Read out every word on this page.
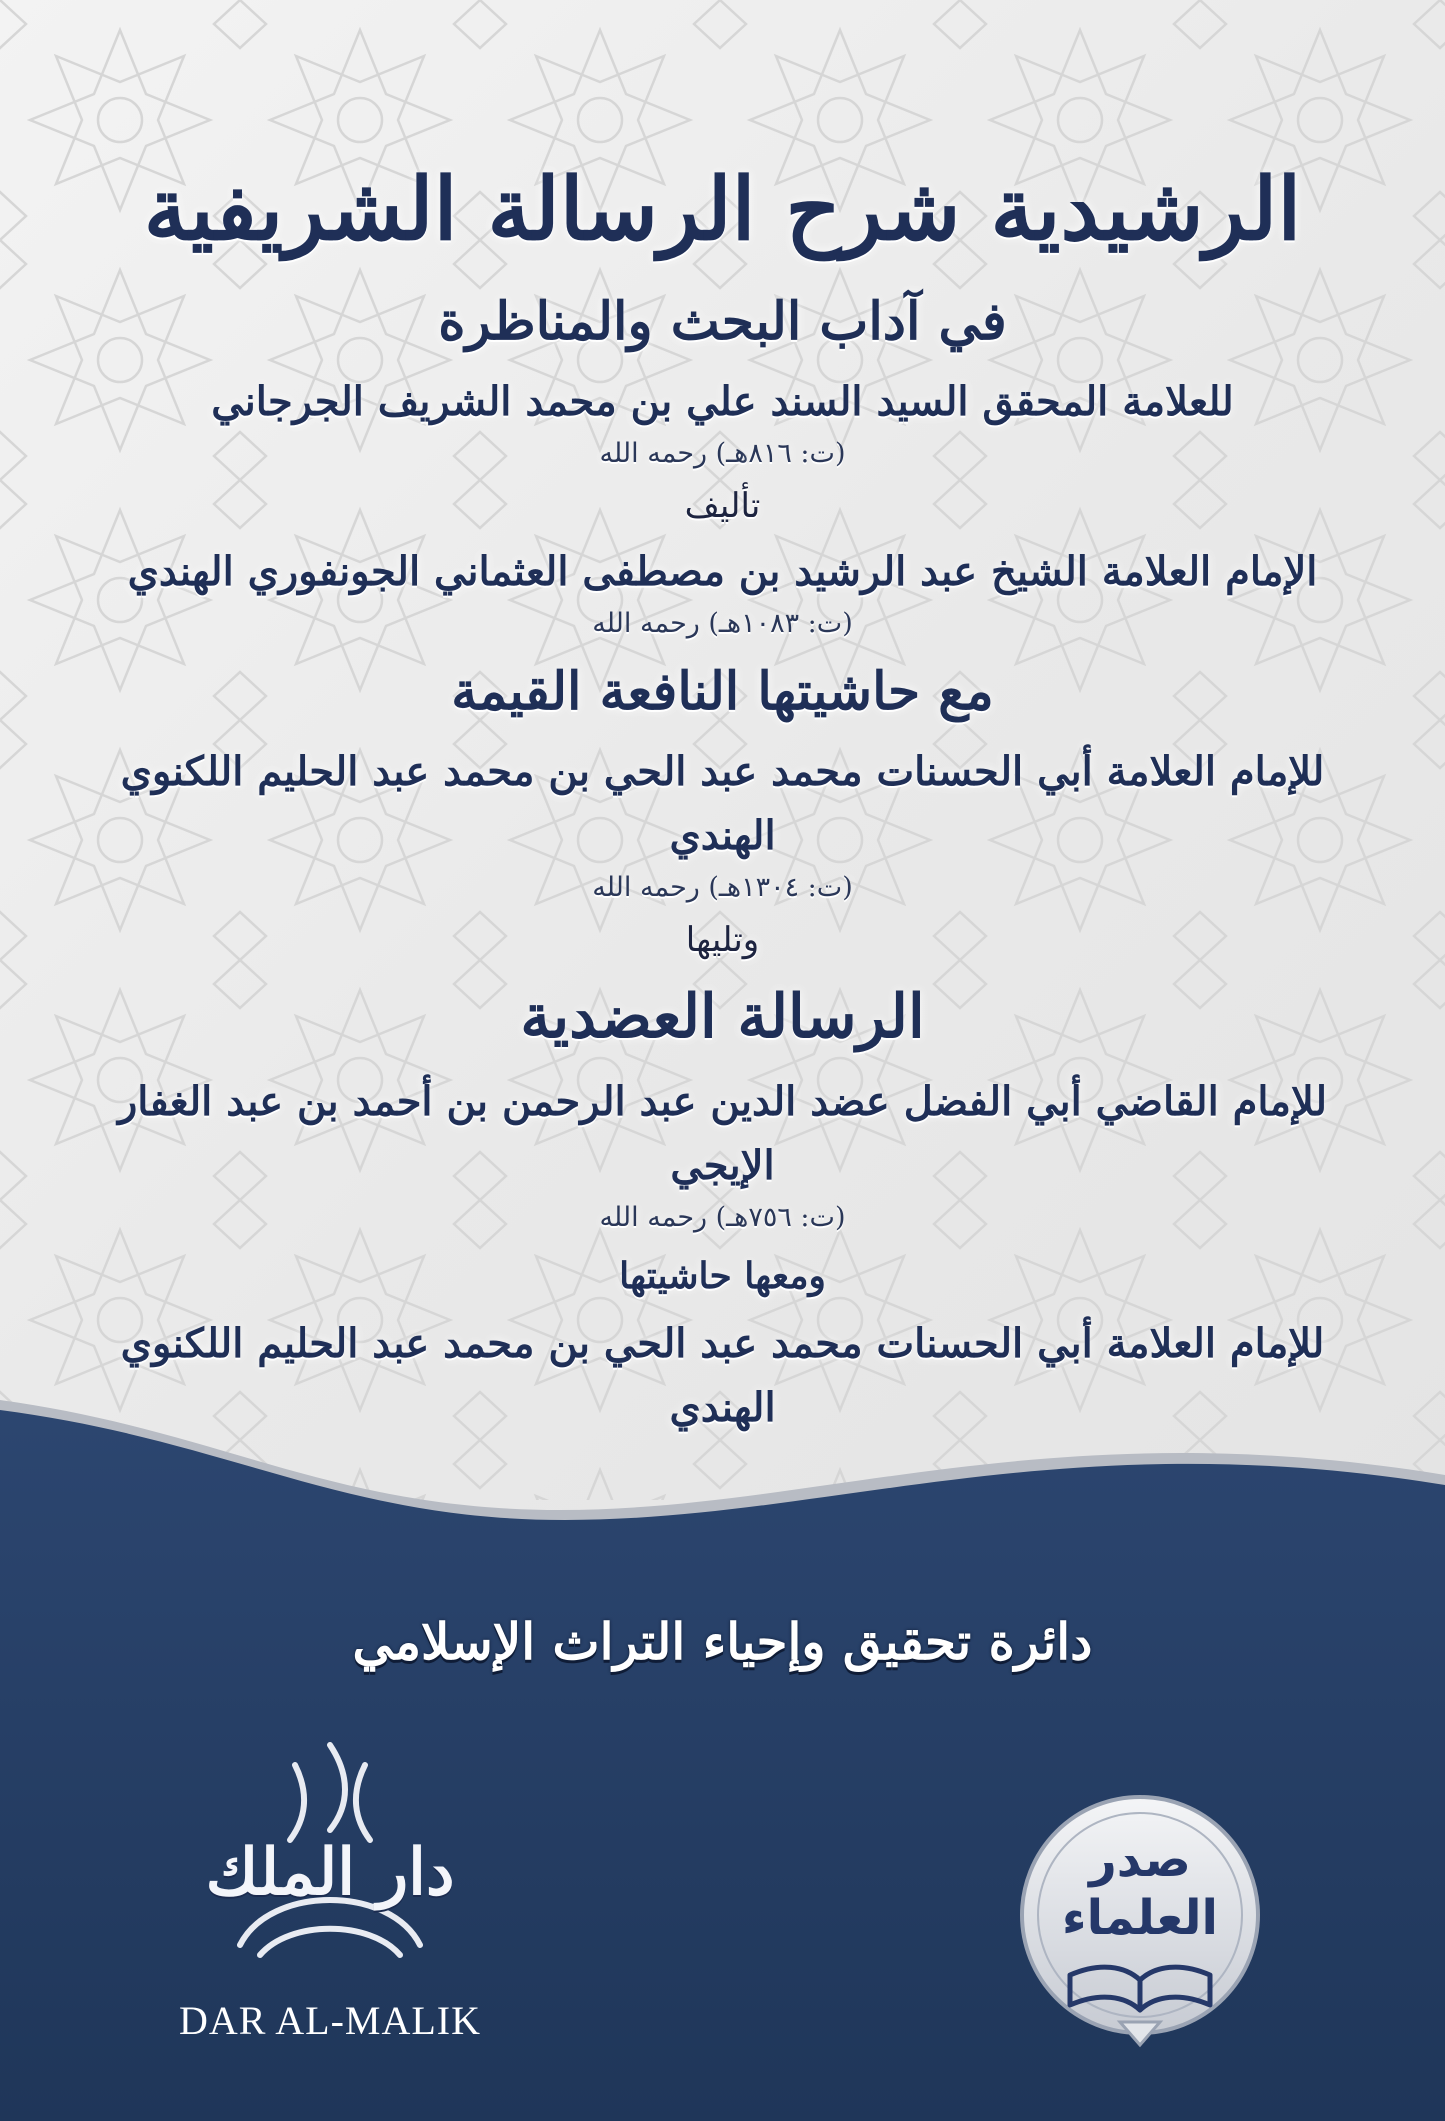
الرشيدية شرح الرسالة الشريفية
في آداب البحث والمناظرة
للعلامة المحقق السيد السند علي بن محمد الشريف الجرجاني
(ت: ٨١٦هـ) رحمه الله
تأليف
الإمام العلامة الشيخ عبد الرشيد بن مصطفى العثماني الجونفوري الهندي
(ت: ١٠٨٣هـ) رحمه الله
مع حاشيتها النافعة القيمة
للإمام العلامة أبي الحسنات محمد عبد الحي بن محمد عبد الحليم اللكنوي الهندي
(ت: ١٣٠٤هـ) رحمه الله
وتليها
الرسالة العضدية
للإمام القاضي أبي الفضل عضد الدين عبد الرحمن بن أحمد بن عبد الغفار الإيجي
(ت: ٧٥٦هـ) رحمه الله
ومعها حاشيتها
للإمام العلامة أبي الحسنات محمد عبد الحي بن محمد عبد الحليم اللكنوي الهندي
دائرة تحقيق وإحياء التراث الإسلامي
دار الملك
DAR AL-MALIK
صدر
العلماء
